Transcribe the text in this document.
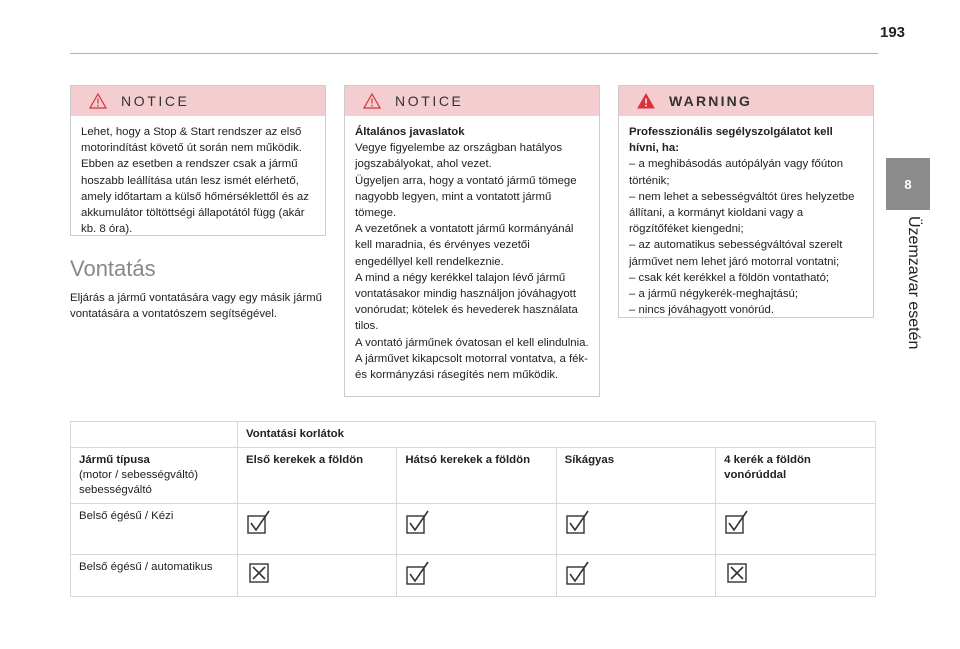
193
8
Üzemzavar esetén
NOTICE

Lehet, hogy a Stop & Start rendszer az első motorindítást követő út során nem működik. Ebben az esetben a rendszer csak a jármű hoszabb leállítása után lesz ismét elérhető, amely időtartam a külső hőmérséklettől és az akkumulátor töltöttségi állapotától függ (akár kb. 8 óra).

Vontatás
Eljárás a jármű vontatására vagy egy másik jármű vontatására a vontatószem segítségével.
NOTICE

Általános javaslatok

Vegye figyelembe az országban hatályos jogszabályokat, ahol vezet.

Ügyeljen arra, hogy a vontató jármű tömege nagyobb legyen, mint a vontatott jármű tömege.

A vezetőnek a vontatott jármű kormányánál kell maradnia, és érvényes vezetői engedéllyel kell rendelkeznie.

A mind a négy kerékkel talajon lévő jármű vontatásakor mindig használjon jóváhagyott vonórudat; kötelek és hevederek használata tilos.

A vontató járműnek óvatosan el kell elindulnia.

A járművet kikapcsolt motorral vontatva, a fék- és kormányzási rásegítés nem működik.

WARNING

Professzionális segélyszolgálatot kell hívni, ha:

– a meghibásodás autópályán vagy főúton történik;

– nem lehet a sebességváltót üres helyzetbe állítani, a kormányt kioldani vagy a rögzítőféket kiengedni;

– az automatikus sebességváltóval szerelt járművet nem lehet járó motorral vontatni;

– csak két kerékkel a földön vontatható;

– a jármű négykerék-meghajtású;

– nincs jóváhagyott vonórúd.

	Vontatási korlátok			

Jármű típusa
(motor / sebességváltó) sebességváltó	Első kerekek a földön	Hátsó kerekek a földön	Síkágyas	4 kerék a földön vonórúddal
Belső égésű / Kézi				
Belső égésű / automatikus				
